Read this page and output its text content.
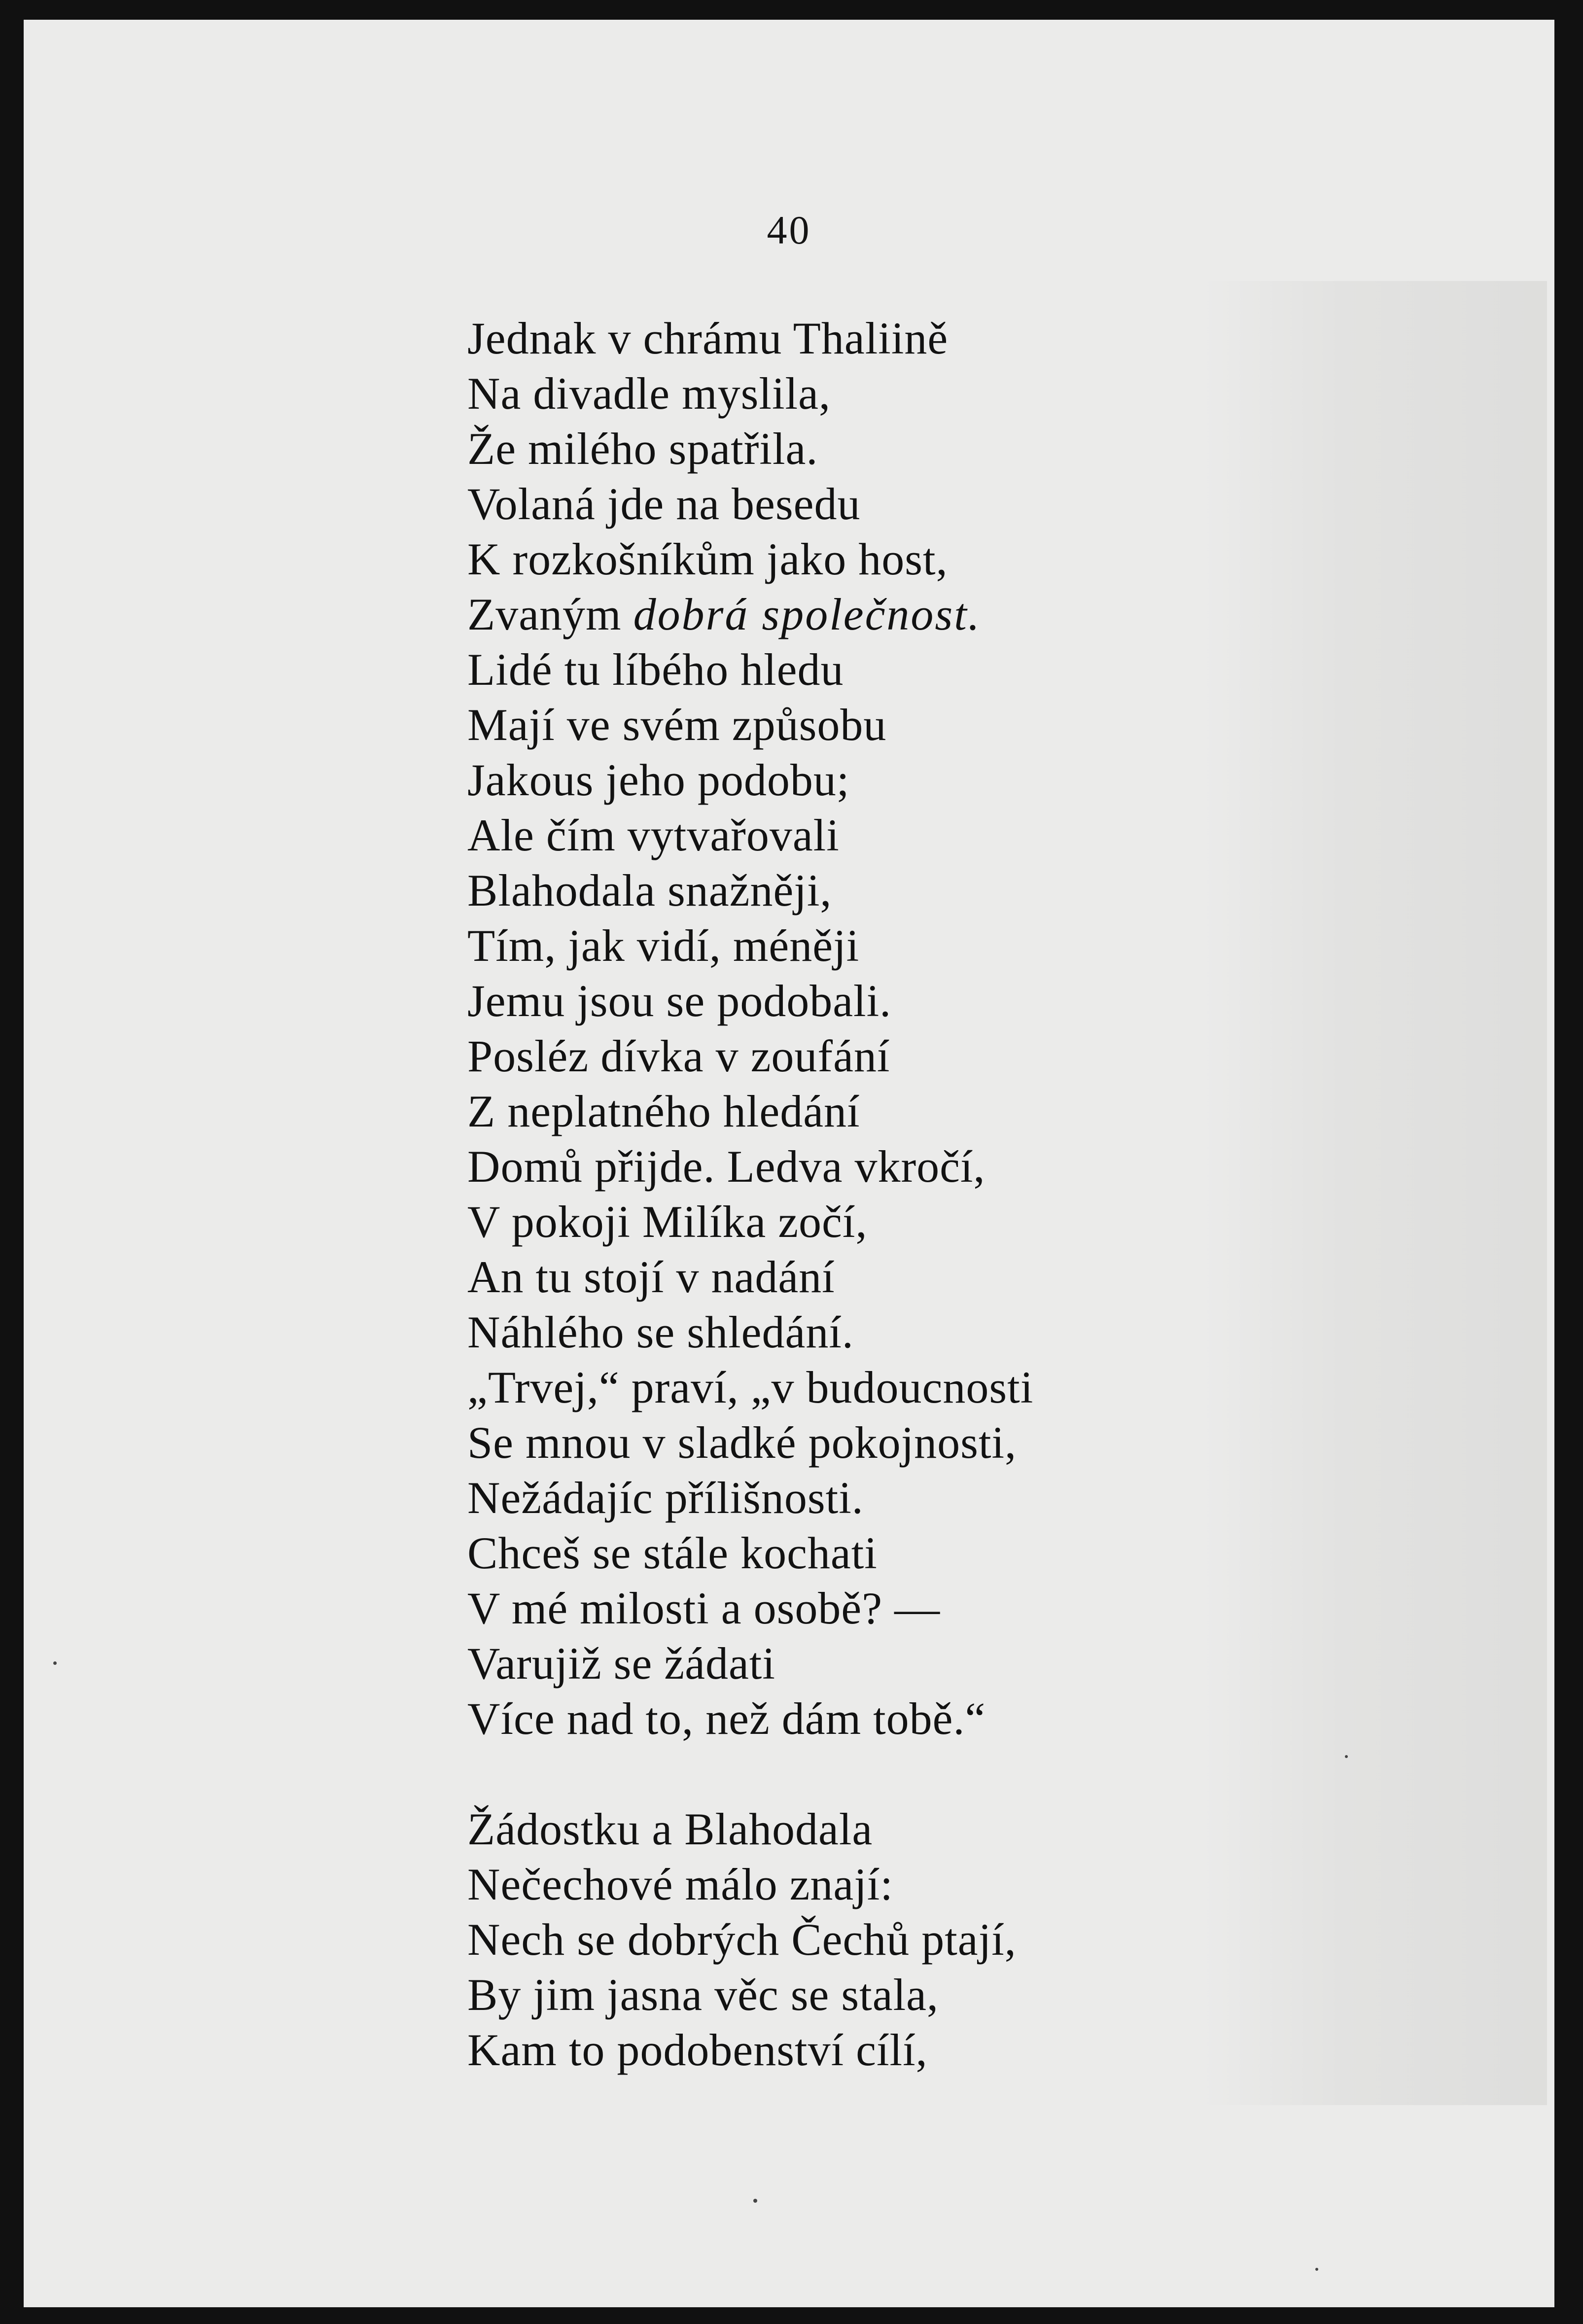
40
Jednak v chrámu Thaliině
Na divadle myslila,
Že milého spatřila.
Volaná jde na besedu
K rozkošníkům jako host,
Zvaným dobrá společnost.
Lidé tu líbého hledu
Mají ve svém způsobu
Jakous jeho podobu;
Ale čím vytvařovali
Blahodala snažněji,
Tím, jak vidí, méněji
Jemu jsou se podobali.
Posléz dívka v zoufání
Z neplatného hledání
Domů přijde. Ledva vkročí,
V pokoji Milíka zočí,
An tu stojí v nadání
Náhlého se shledání.
„Trvej,“ praví, „v budoucnosti
Se mnou v sladké pokojnosti,
Nežádajíc přílišnosti.
Chceš se stále kochati
V mé milosti a osobě? —
Varujiž se žádati
Více nad to, než dám tobě.“
Žádostku a Blahodala
Nečechové málo znají:
Nech se dobrých Čechů ptají,
By jim jasna věc se stala,
Kam to podobenství cílí,
